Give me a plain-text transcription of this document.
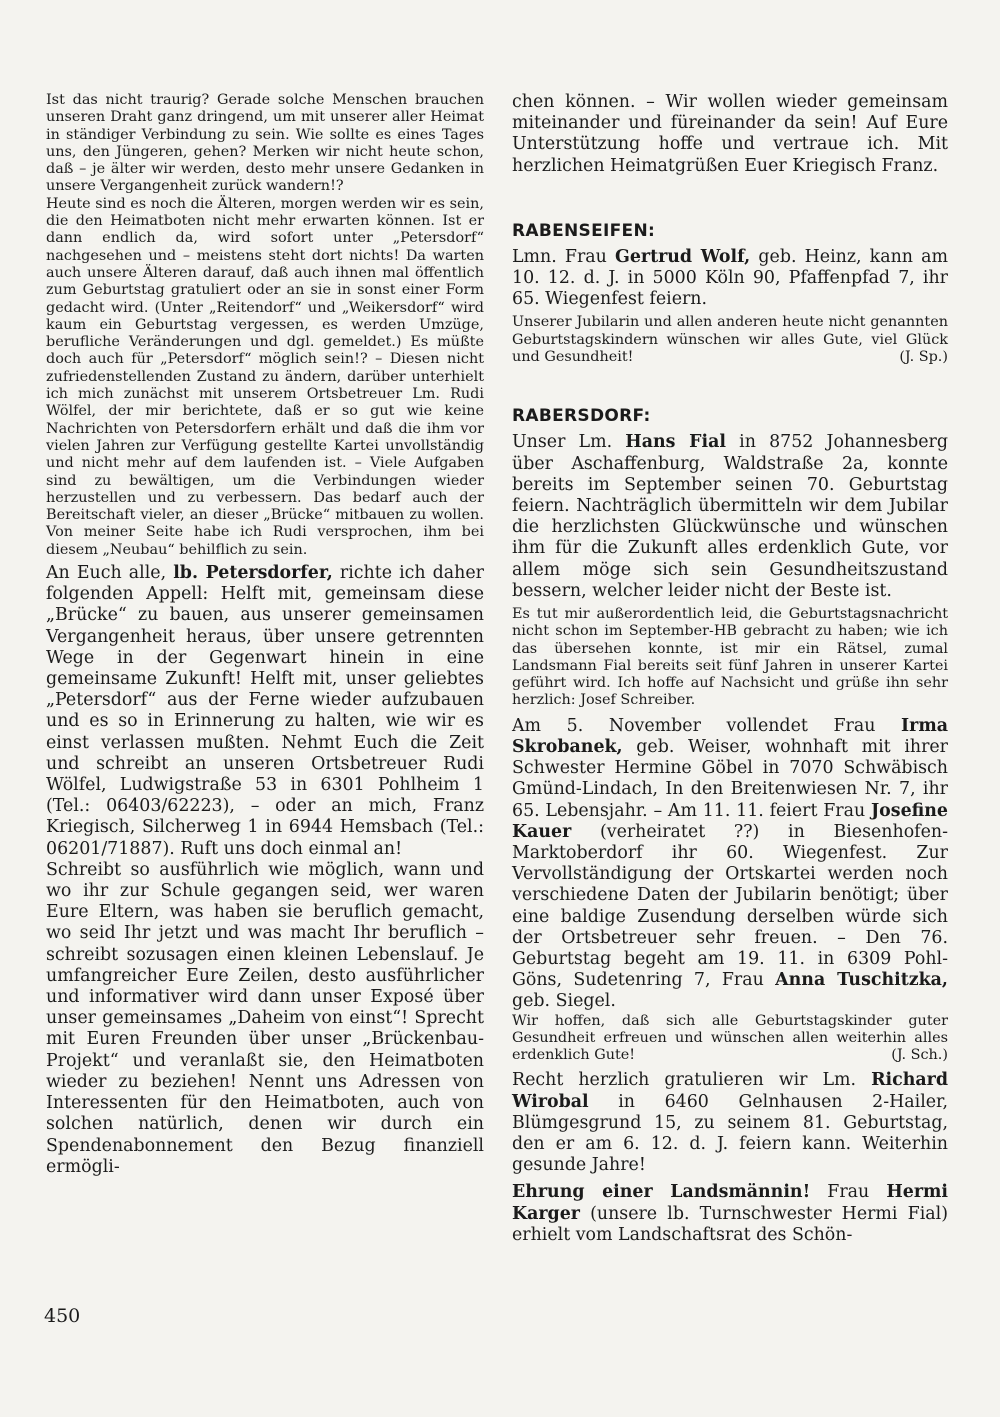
Ist das nicht traurig? Gerade solche Menschen brauchen unseren Draht ganz dringend, um mit unserer aller Heimat in ständiger Verbindung zu sein. Wie sollte es eines Tages uns, den Jüngeren, gehen? Merken wir nicht heute schon, daß – je älter wir werden, desto mehr unsere Gedanken in unsere Vergangenheit zurück wandern!?

Heute sind es noch die Älteren, morgen werden wir es sein, die den Heimatboten nicht mehr erwarten können. Ist er dann endlich da, wird sofort unter „Petersdorf“ nachgesehen und – meistens steht dort nichts! Da warten auch unsere Älteren darauf, daß auch ihnen mal öffentlich zum Geburtstag gratuliert oder an sie in sonst einer Form gedacht wird. (Unter „Reitendorf“ und „Weikersdorf“ wird kaum ein Geburtstag vergessen, es werden Umzüge, berufliche Veränderungen und dgl. gemeldet.) Es müßte doch auch für „Petersdorf“ möglich sein!? – Diesen nicht zufriedenstellenden Zustand zu ändern, darüber unterhielt ich mich zunächst mit unserem Ortsbetreuer Lm. Rudi Wölfel, der mir berichtete, daß er so gut wie keine Nachrichten von Petersdorfern erhält und daß die ihm vor vielen Jahren zur Verfügung gestellte Kartei unvollständig und nicht mehr auf dem laufenden ist. – Viele Aufgaben sind zu bewältigen, um die Verbindungen wieder herzustellen und zu verbessern. Das bedarf auch der Bereitschaft vieler, an dieser „Brücke“ mitbauen zu wollen. Von meiner Seite habe ich Rudi versprochen, ihm bei diesem „Neubau“ behilflich zu sein.

An Euch alle, lb. Petersdorfer, richte ich daher folgenden Appell: Helft mit, gemeinsam diese „Brücke“ zu bauen, aus unserer gemeinsamen Vergangenheit heraus, über unsere getrennten Wege in der Gegenwart hinein in eine gemeinsame Zukunft! Helft mit, unser geliebtes „Petersdorf“ aus der Ferne wieder aufzubauen und es so in Erinnerung zu halten, wie wir es einst verlassen mußten. Nehmt Euch die Zeit und schreibt an unseren Ortsbetreuer Rudi Wölfel, Ludwigstraße 53 in 6301 Pohlheim 1 (Tel.: 06403/62223), – oder an mich, Franz Kriegisch, Silcherweg 1 in 6944 Hemsbach (Tel.: 06201/71887). Ruft uns doch einmal an!

Schreibt so ausführlich wie möglich, wann und wo ihr zur Schule gegangen seid, wer waren Eure Eltern, was haben sie beruflich gemacht, wo seid Ihr jetzt und was macht Ihr beruflich – schreibt sozusagen einen kleinen Lebenslauf. Je umfangreicher Eure Zeilen, desto ausführlicher und informativer wird dann unser Exposé über unser gemeinsames „Daheim von einst“! Sprecht mit Euren Freunden über unser „Brückenbau-Projekt“ und veranlaßt sie, den Heimatboten wieder zu beziehen! Nennt uns Adressen von Interessenten für den Heimatboten, auch von solchen natürlich, denen wir durch ein Spendenabonnement den Bezug finanziell ermögli-

chen können. – Wir wollen wieder gemeinsam miteinander und füreinander da sein! Auf Eure Unterstützung hoffe und vertraue ich. Mit herzlichen Heimatgrüßen Euer Kriegisch Franz.

RABENSEIFEN:

Lmn. Frau Gertrud Wolf, geb. Heinz, kann am 10. 12. d. J. in 5000 Köln 90, Pfaffenpfad 7, ihr 65. Wiegenfest feiern.

Unserer Jubilarin und allen anderen heute nicht genannten Geburtstagskindern wünschen wir alles Gute, viel Glück und Gesundheit!	(J. Sp.)

RABERSDORF:

Unser Lm. Hans Fial in 8752 Johannesberg über Aschaffenburg, Waldstraße 2a, konnte bereits im September seinen 70. Geburtstag feiern. Nachträglich übermitteln wir dem Jubilar die herzlichsten Glückwünsche und wünschen ihm für die Zukunft alles erdenklich Gute, vor allem möge sich sein Gesundheitszustand bessern, welcher leider nicht der Beste ist.

Es tut mir außerordentlich leid, die Geburtstagsnachricht nicht schon im September-HB gebracht zu haben; wie ich das übersehen konnte, ist mir ein Rätsel, zumal Landsmann Fial bereits seit fünf Jahren in unserer Kartei geführt wird. Ich hoffe auf Nachsicht und grüße ihn sehr herzlich: Josef Schreiber.

Am 5. November vollendet Frau Irma Skrobanek, geb. Weiser, wohnhaft mit ihrer Schwester Hermine Göbel in 7070 Schwäbisch Gmünd-Lindach, In den Breitenwiesen Nr. 7, ihr 65. Lebensjahr. – Am 11. 11. feiert Frau Josefine Kauer (verheiratet ??) in Biesenhofen-Marktoberdorf ihr 60. Wiegenfest. Zur Vervollständigung der Ortskartei werden noch verschiedene Daten der Jubilarin benötigt; über eine baldige Zusendung derselben würde sich der Ortsbetreuer sehr freuen. – Den 76. Geburtstag begeht am 19. 11. in 6309 Pohl-Göns, Sudetenring 7, Frau Anna Tuschitzka, geb. Siegel.

Wir hoffen, daß sich alle Geburtstagskinder guter Gesundheit erfreuen und wünschen allen weiterhin alles erdenklich Gute!	(J. Sch.)

Recht herzlich gratulieren wir Lm. Richard Wirobal in 6460 Gelnhausen 2-Hailer, Blümgesgrund 15, zu seinem 81. Geburtstag, den er am 6. 12. d. J. feiern kann. Weiterhin gesunde Jahre!

Ehrung einer Landsmännin! Frau Hermi Karger (unsere lb. Turnschwester Hermi Fial) erhielt vom Landschaftsrat des Schön-

450
